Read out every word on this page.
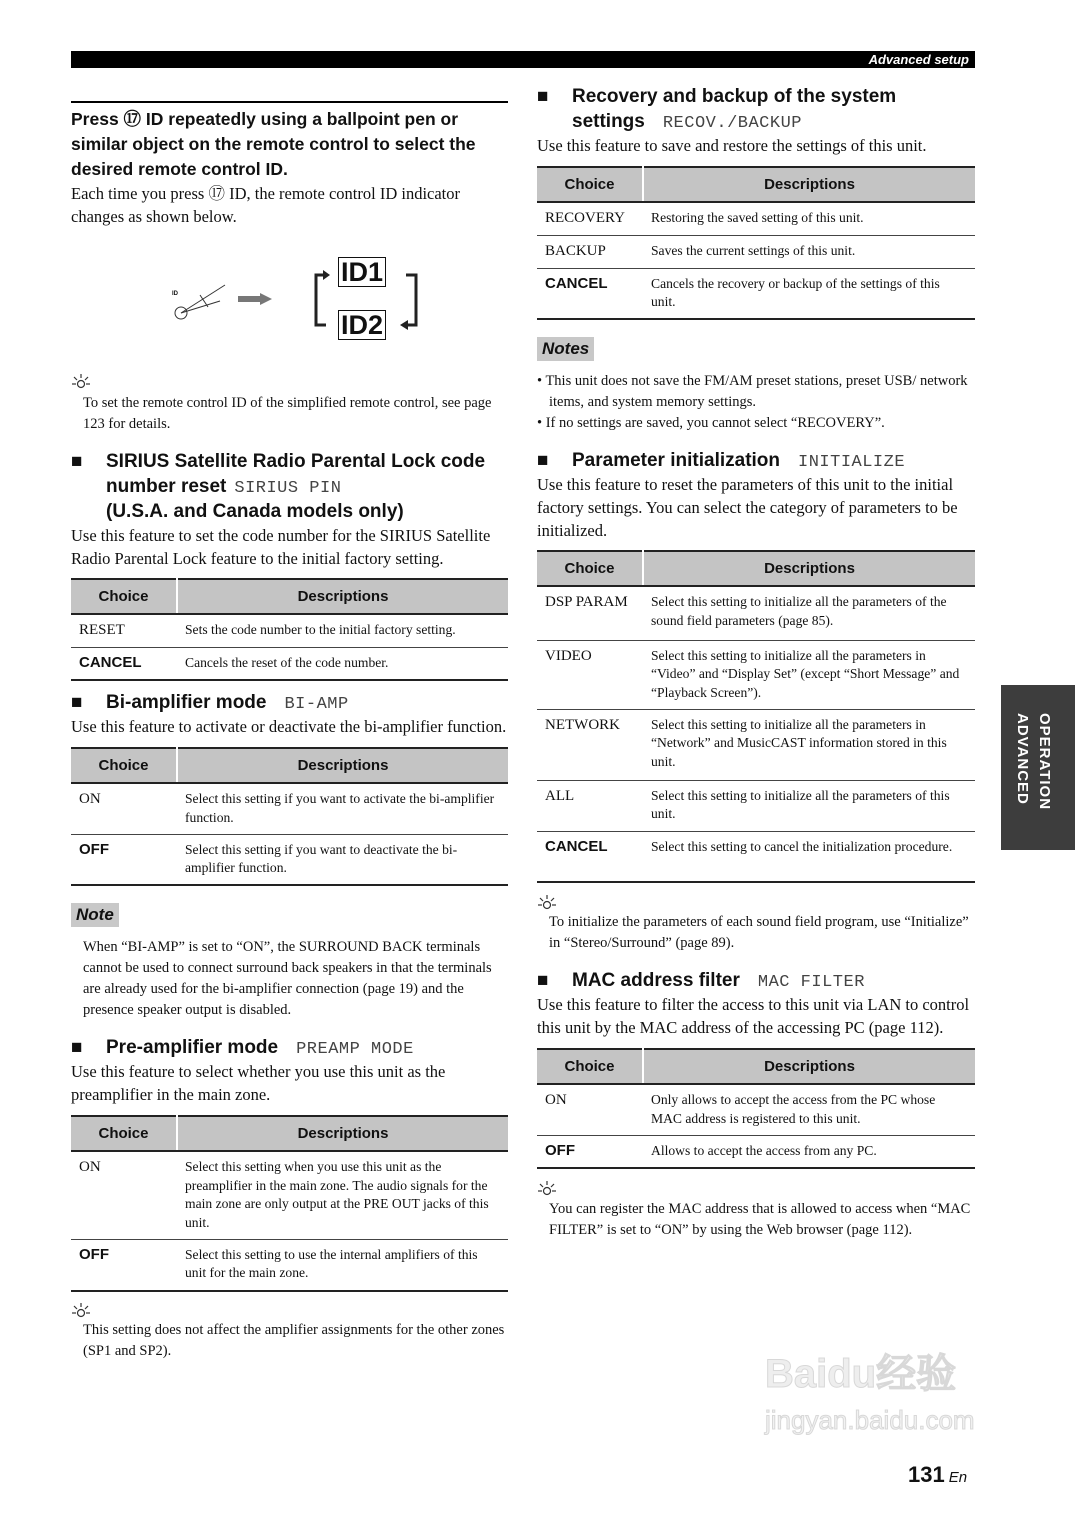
Advanced setup
Press ⑰ ID repeatedly using a ballpoint pen or similar object on the remote control to select the desired remote control ID.
Each time you press ⑰ ID, the remote control ID indicator changes as shown below.
ID
ID1
ID2
To set the remote control ID of the simplified remote control, see page 123 for details.
■ SIRIUS Satellite Radio Parental Lock code number reset SIRIUS PIN
(U.S.A. and Canada models only)
Use this feature to set the code number for the SIRIUS Satellite Radio Parental Lock feature to the initial factory setting.
Choice	Descriptions
RESET	Sets the code number to the initial factory setting.
CANCEL	Cancels the reset of the code number.
■ Bi-amplifier mode BI-AMP
Use this feature to activate or deactivate the bi-amplifier function.
Choice	Descriptions
ON	Select this setting if you want to activate the bi-amplifier function.
OFF	Select this setting if you want to deactivate the bi-amplifier function.
Note
When “BI-AMP” is set to “ON”, the SURROUND BACK terminals cannot be used to connect surround back speakers in that the terminals are already used for the bi-amplifier connection (page 19) and the presence speaker output is disabled.
■ Pre-amplifier mode PREAMP MODE
Use this feature to select whether you use this unit as the preamplifier in the main zone.
Choice	Descriptions
ON	Select this setting when you use this unit as the preamplifier in the main zone. The audio signals for the main zone are only output at the PRE OUT jacks of this unit.
OFF	Select this setting to use the internal amplifiers of this unit for the main zone.
This setting does not affect the amplifier assignments for the other zones (SP1 and SP2).
■ Recovery and backup of the system
settings RECOV./BACKUP
Use this feature to save and restore the settings of this unit.
Choice	Descriptions
RECOVERY	Restoring the saved setting of this unit.
BACKUP	Saves the current settings of this unit.
CANCEL	Cancels the recovery or backup of the settings of this unit.
Notes
• This unit does not save the FM/AM preset stations, preset USB/ network items, and system memory settings.
• If no settings are saved, you cannot select “RECOVERY”.
■ Parameter initialization INITIALIZE
Use this feature to reset the parameters of this unit to the initial factory settings. You can select the category of parameters to be initialized.
Choice	Descriptions
DSP PARAM	Select this setting to initialize all the parameters of the sound field parameters (page 85).
VIDEO	Select this setting to initialize all the parameters in “Video” and “Display Set” (except “Short Message” and “Playback Screen”).
NETWORK	Select this setting to initialize all the parameters in “Network” and MusicCAST information stored in this unit.
ALL	Select this setting to initialize all the parameters of this unit.
CANCEL	Select this setting to cancel the initialization procedure.
To initialize the parameters of each sound field program, use “Initialize” in “Stereo/Surround” (page 89).
■ MAC address filter MAC FILTER
Use this feature to filter the access to this unit via LAN to control this unit by the MAC address of the accessing PC (page 112).
Choice	Descriptions
ON	Only allows to accept the access from the PC whose MAC address is registered to this unit.
OFF	Allows to accept the access from any PC.
You can register the MAC address that is allowed to access when “MAC FILTER” is set to “ON” by using the Web browser (page 112).
OPERATION
ADVANCED
Baidu经验
jingyan.baidu.com
131 En
